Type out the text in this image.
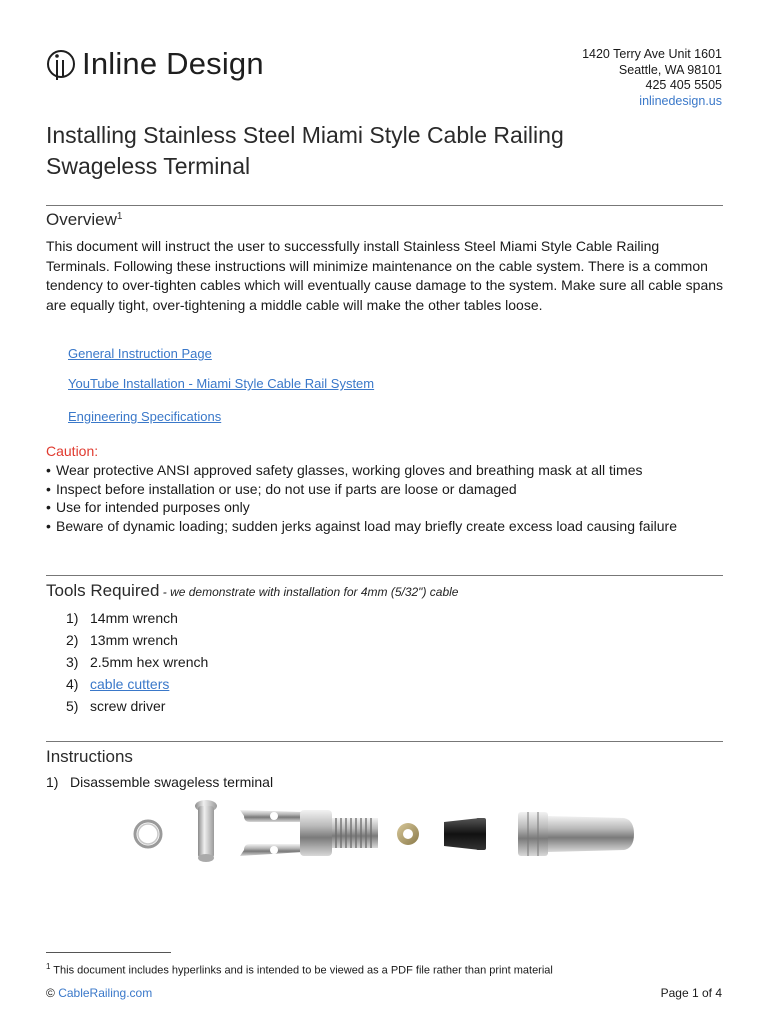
Inline Design	1420 Terry Ave Unit 1601
Seattle, WA 98101
425 405 5505
inlinedesign.us
Installing Stainless Steel Miami Style Cable Railing
Swageless Terminal
Overview$^1$
This document will instruct the user to successfully install Stainless Steel Miami Style Cable Railing Terminals. Following these instructions will minimize maintenance on the cable system. There is a common tendency to over-tighten cables which will eventually cause damage to the system. Make sure all cable spans are equally tight, over-tightening a middle cable will make the other tables loose.
General Instruction Page
YouTube Installation - Miami Style Cable Rail System
Engineering Specifications
Caution:
• Wear protective ANSI approved safety glasses, working gloves and breathing mask at all times
• Inspect before installation or use; do not use if parts are loose or damaged
• Use for intended purposes only
• Beware of dynamic loading; sudden jerks against load may briefly create excess load causing failure
Tools Required - we demonstrate with installation for 4mm (5/32") cable
1) 14mm wrench
2) 13mm wrench
3) 2.5mm hex wrench
4) cable cutters
5) screw driver
Instructions
1) Disassemble swageless terminal
$^1$ This document includes hyperlinks and is intended to be viewed as a PDF file rather than print material
© CableRailing.com	Page 1 of 4
